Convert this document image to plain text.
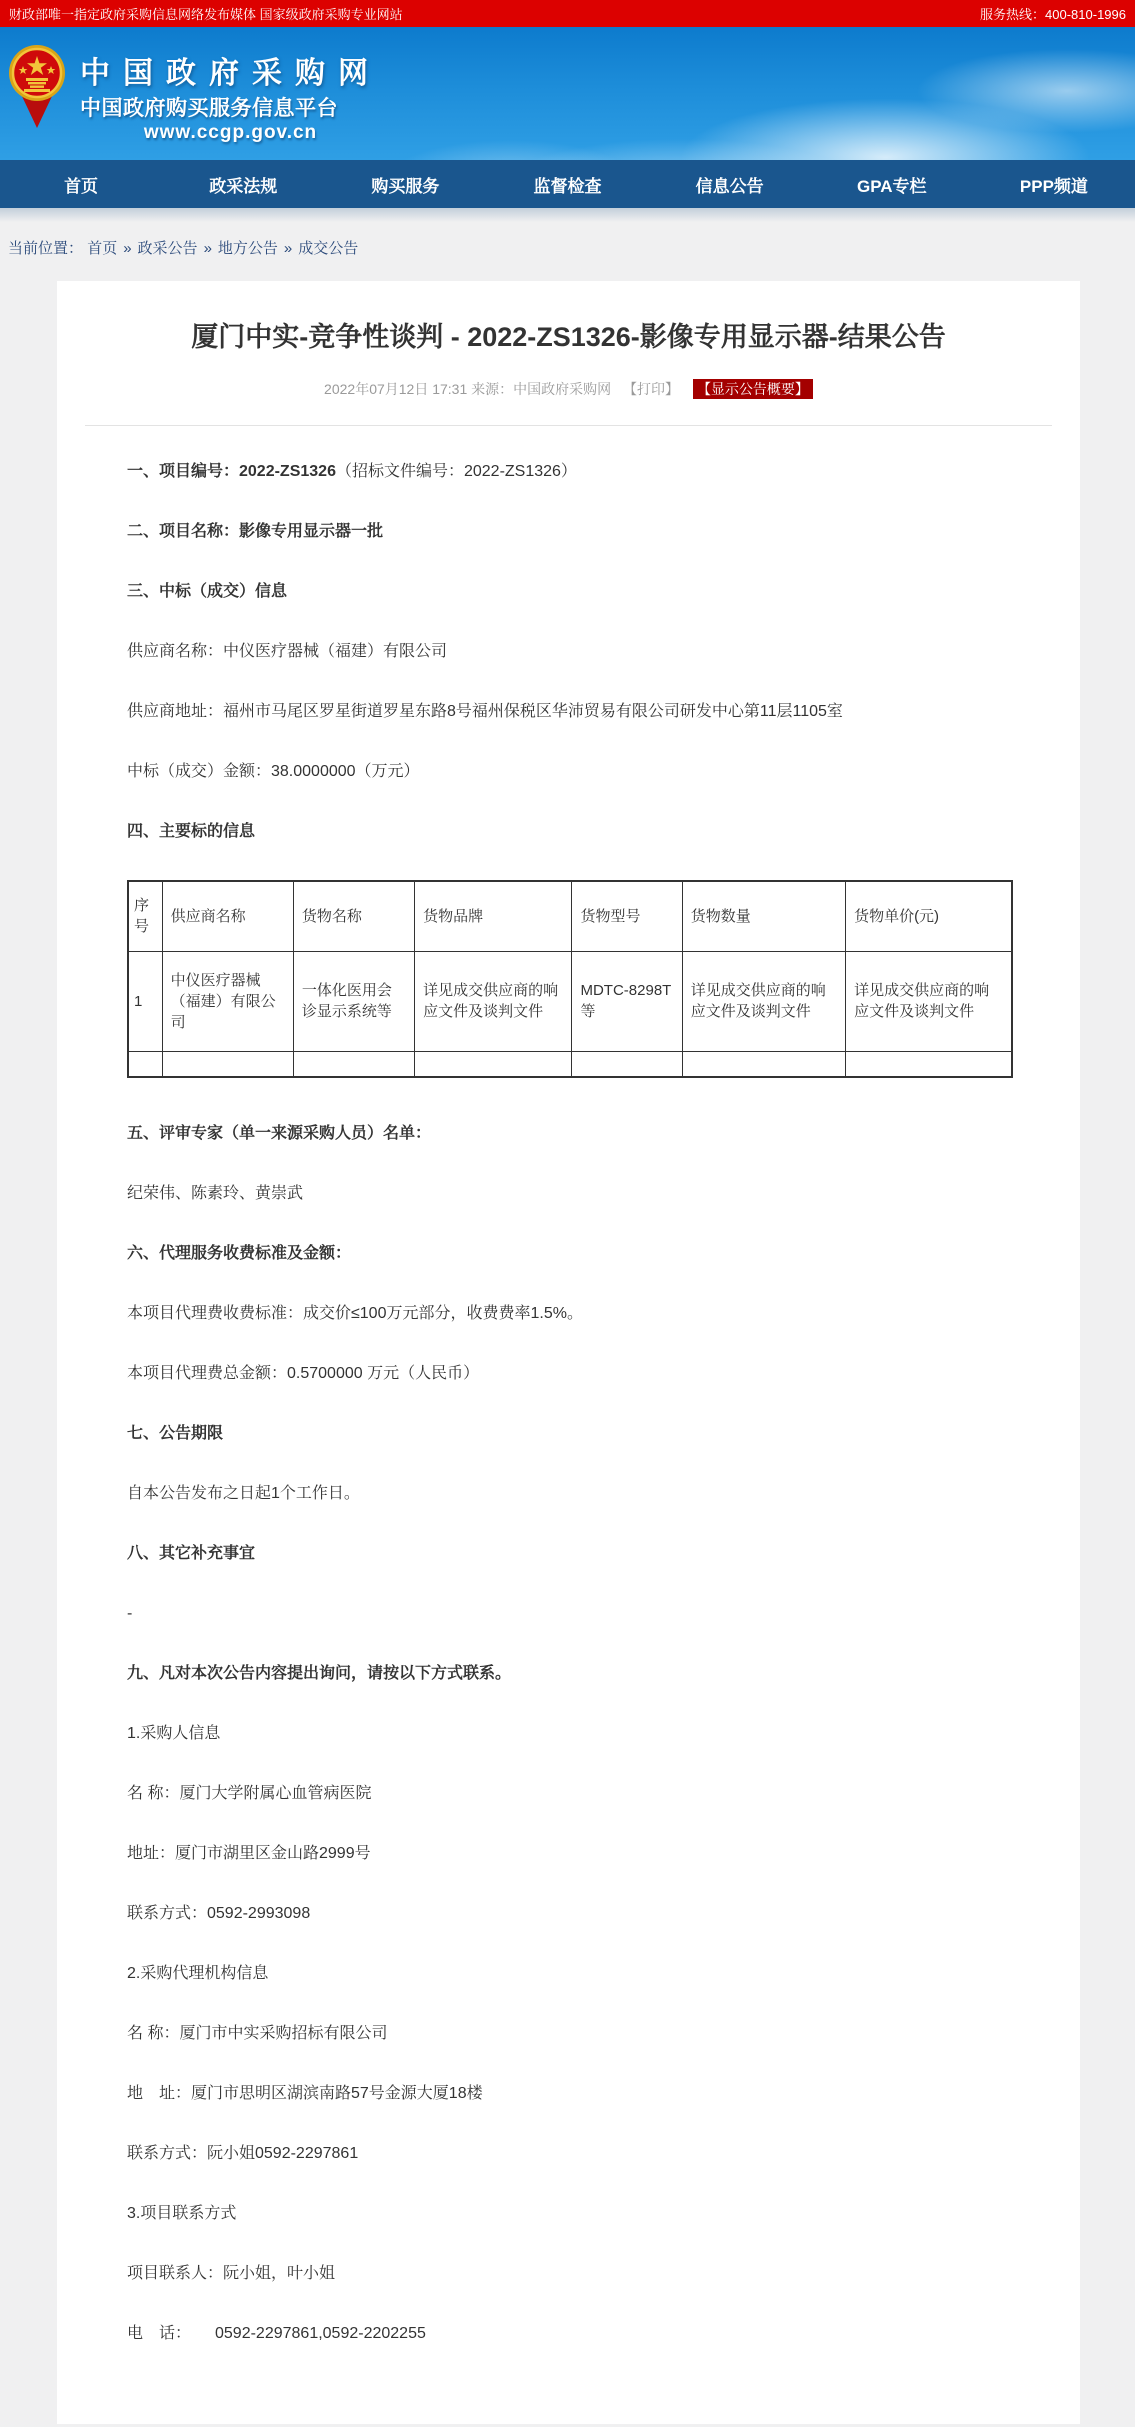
财政部唯一指定政府采购信息网络发布媒体 国家级政府采购专业网站	服务热线：400-810-1996
中国政府采购网
中国政府购买服务信息平台
www.ccgp.gov.cn
首页	政采法规	购买服务	监督检查	信息公告	GPA专栏	PPP频道
当前位置： 首页 » 政采公告 » 地方公告 » 成交公告
厦门中实-竞争性谈判 - 2022-ZS1326-影像专用显示器-结果公告
2022年07月12日 17:31 来源：中国政府采购网 【打印】 【显示公告概要】

一、项目编号：2022-ZS1326（招标文件编号：2022-ZS1326）

二、项目名称：影像专用显示器一批

三、中标（成交）信息

供应商名称：中仪医疗器械（福建）有限公司

供应商地址：福州市马尾区罗星街道罗星东路8号福州保税区华沛贸易有限公司研发中心第11层1105室

中标（成交）金额：38.0000000（万元）

四、主要标的信息

序号	供应商名称	货物名称	货物品牌	货物型号	货物数量	货物单价(元)
1	中仪医疗器械（福建）有限公司	一体化医用会诊显示系统等	详见成交供应商的响应文件及谈判文件	MDTC-8298T等	详见成交供应商的响应文件及谈判文件	详见成交供应商的响应文件及谈判文件

五、评审专家（单一来源采购人员）名单：

纪荣伟、陈素玲、黄崇武

六、代理服务收费标准及金额：

本项目代理费收费标准：成交价≤100万元部分，收费费率1.5%。

本项目代理费总金额：0.5700000 万元（人民币）

七、公告期限

自本公告发布之日起1个工作日。

八、其它补充事宜

-

九、凡对本次公告内容提出询问，请按以下方式联系。

1.采购人信息

名 称：厦门大学附属心血管病医院

地址：厦门市湖里区金山路2999号

联系方式：0592-2993098

2.采购代理机构信息

名 称：厦门市中实采购招标有限公司

地　址：厦门市思明区湖滨南路57号金源大厦18楼

联系方式：阮小姐0592-2297861

3.项目联系方式

项目联系人：阮小姐，叶小姐

电　话：　　0592-2297861,0592-2202255
